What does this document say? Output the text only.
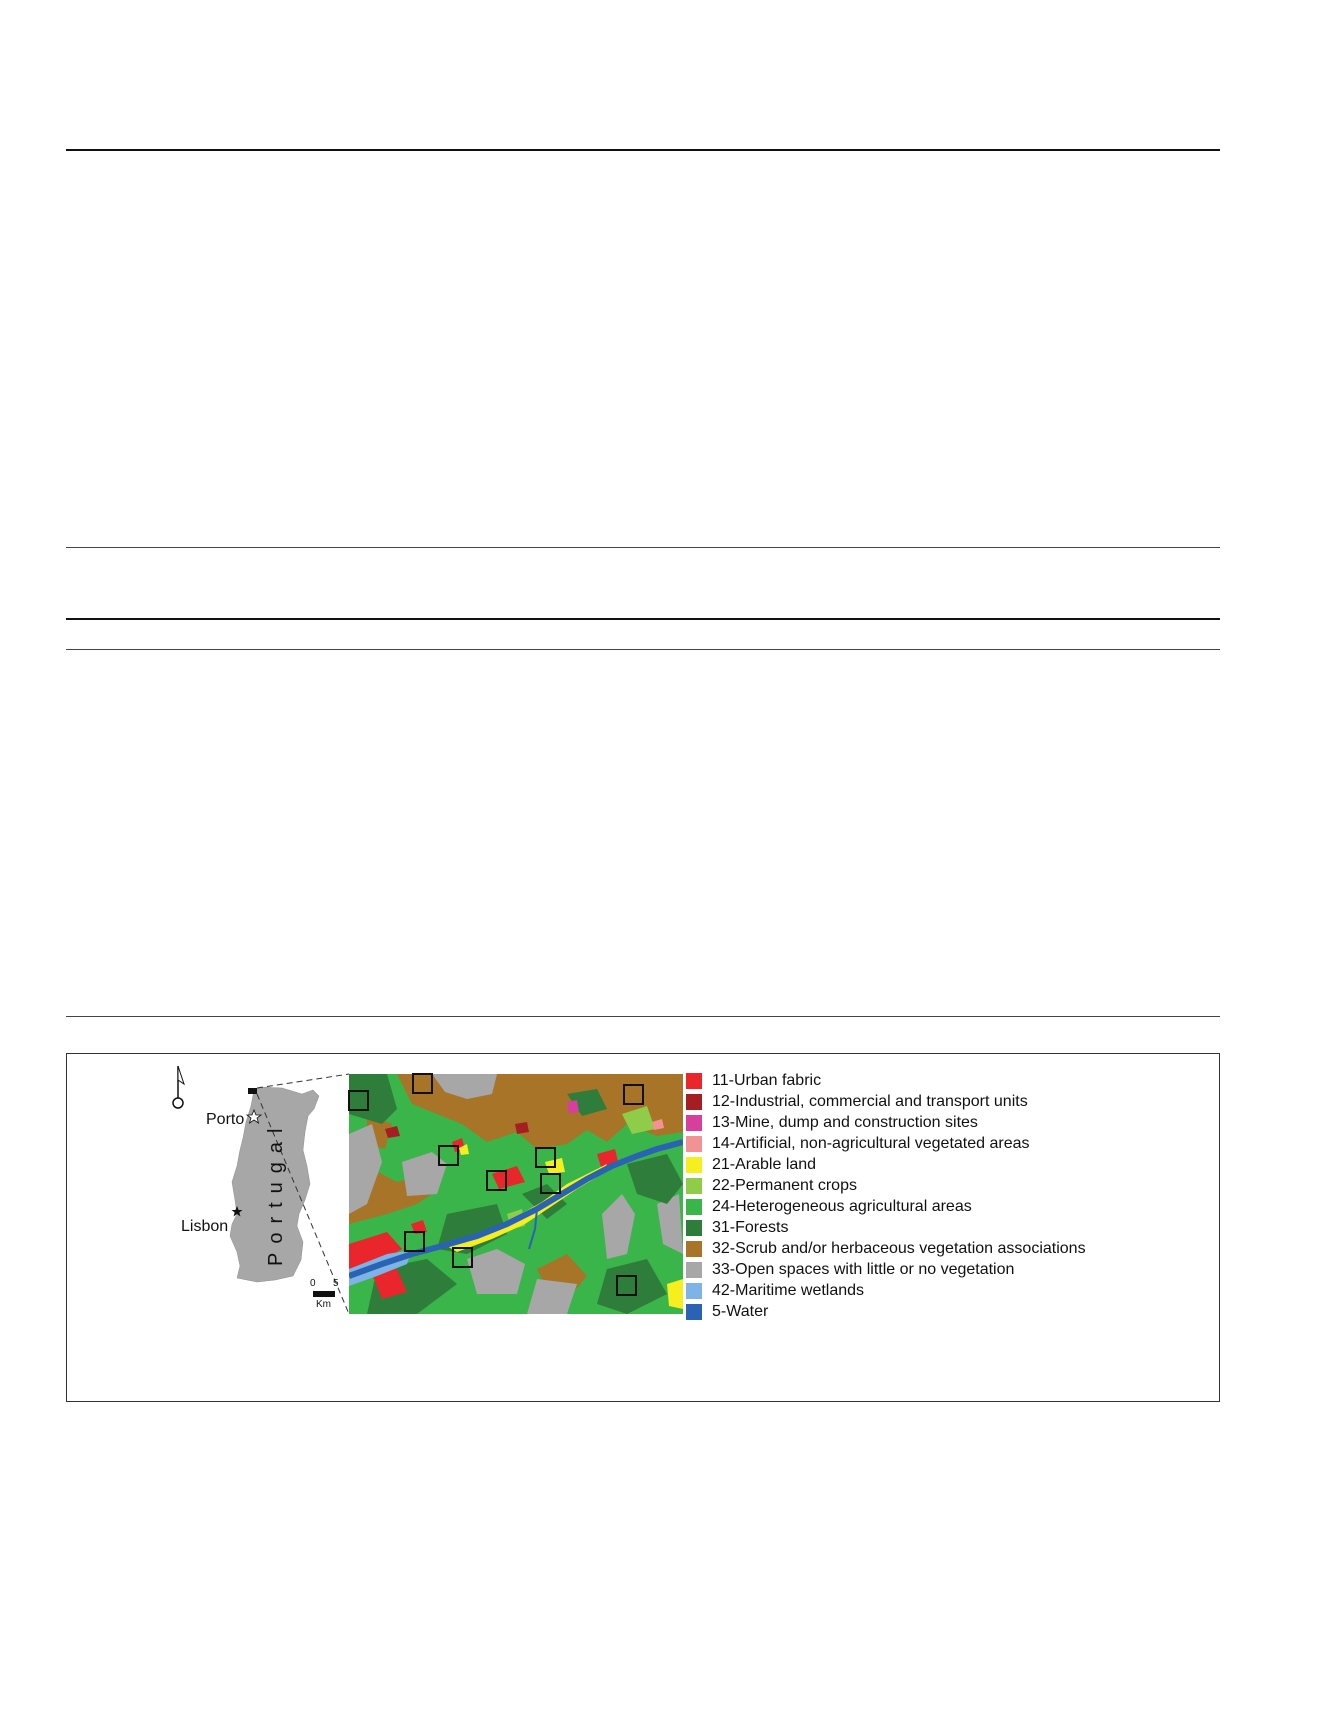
Porto
Lisbon Portugal
0 5
Km
11-Urban fabric
12-Industrial, commercial and transport units
13-Mine, dump and construction sites
14-Artificial, non-agricultural vegetated areas
21-Arable land
22-Permanent crops
24-Heterogeneous agricultural areas
31-Forests
32-Scrub and/or herbaceous vegetation associations
33-Open spaces with little or no vegetation
42-Maritime wetlands
5-Water
